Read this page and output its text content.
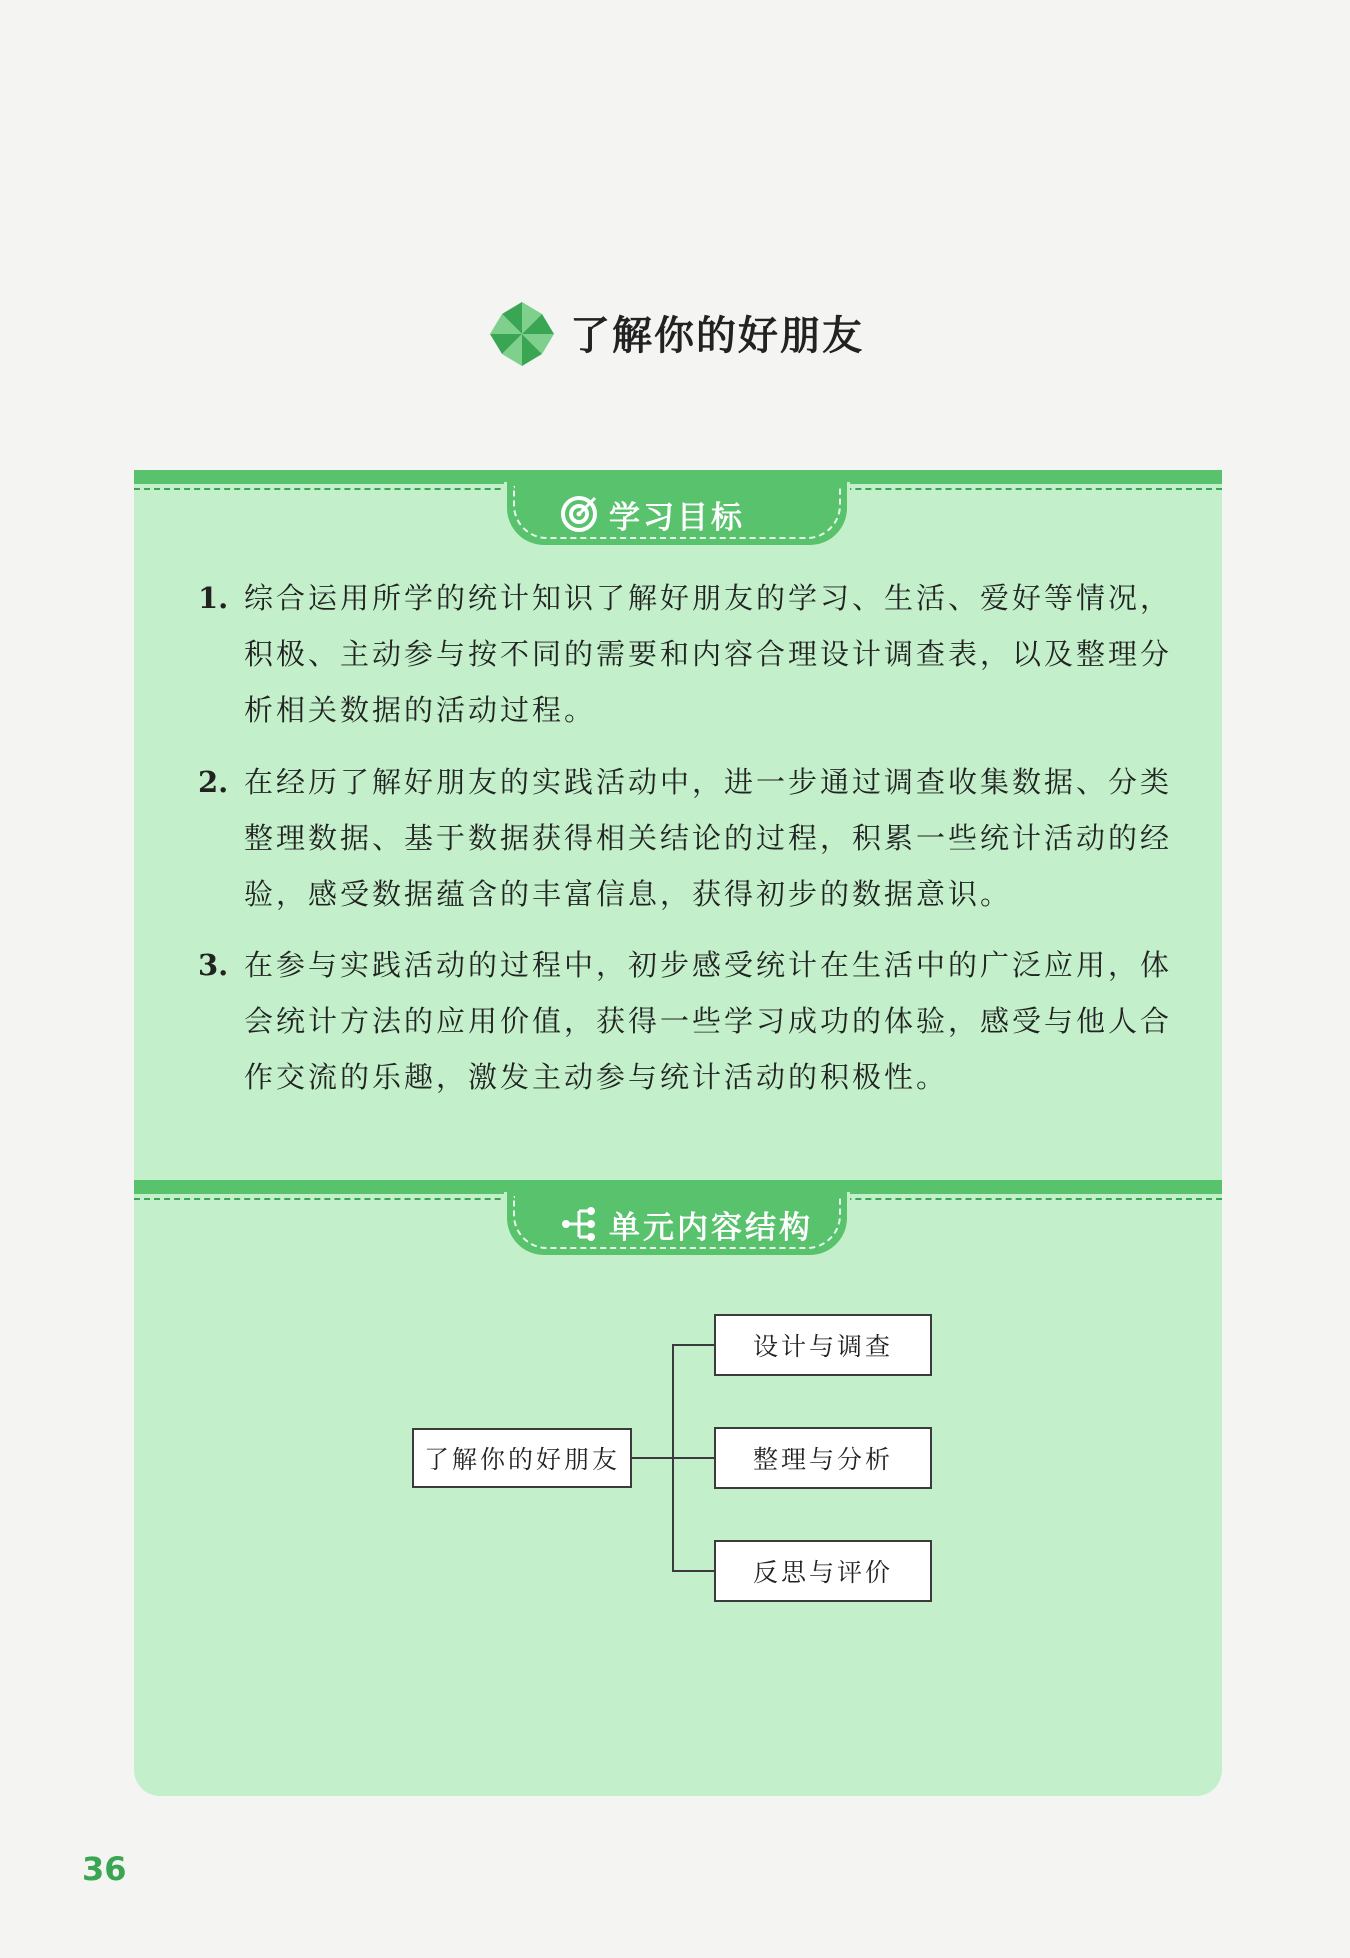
了解你的好朋友
学习目标
1. 综合运用所学的统计知识了解好朋友的学习、生活、爱好等情况，积极、主动参与按不同的需要和内容合理设计调查表，以及整理分析相关数据的活动过程。
2. 在经历了解好朋友的实践活动中，进一步通过调查收集数据、分类整理数据、基于数据获得相关结论的过程，积累一些统计活动的经验，感受数据蕴含的丰富信息，获得初步的数据意识。
3. 在参与实践活动的过程中，初步感受统计在生活中的广泛应用，体会统计方法的应用价值，获得一些学习成功的体验，感受与他人合作交流的乐趣，激发主动参与统计活动的积极性。
单元内容结构
了解你的好朋友
设计与调查
整理与分析
反思与评价
36
